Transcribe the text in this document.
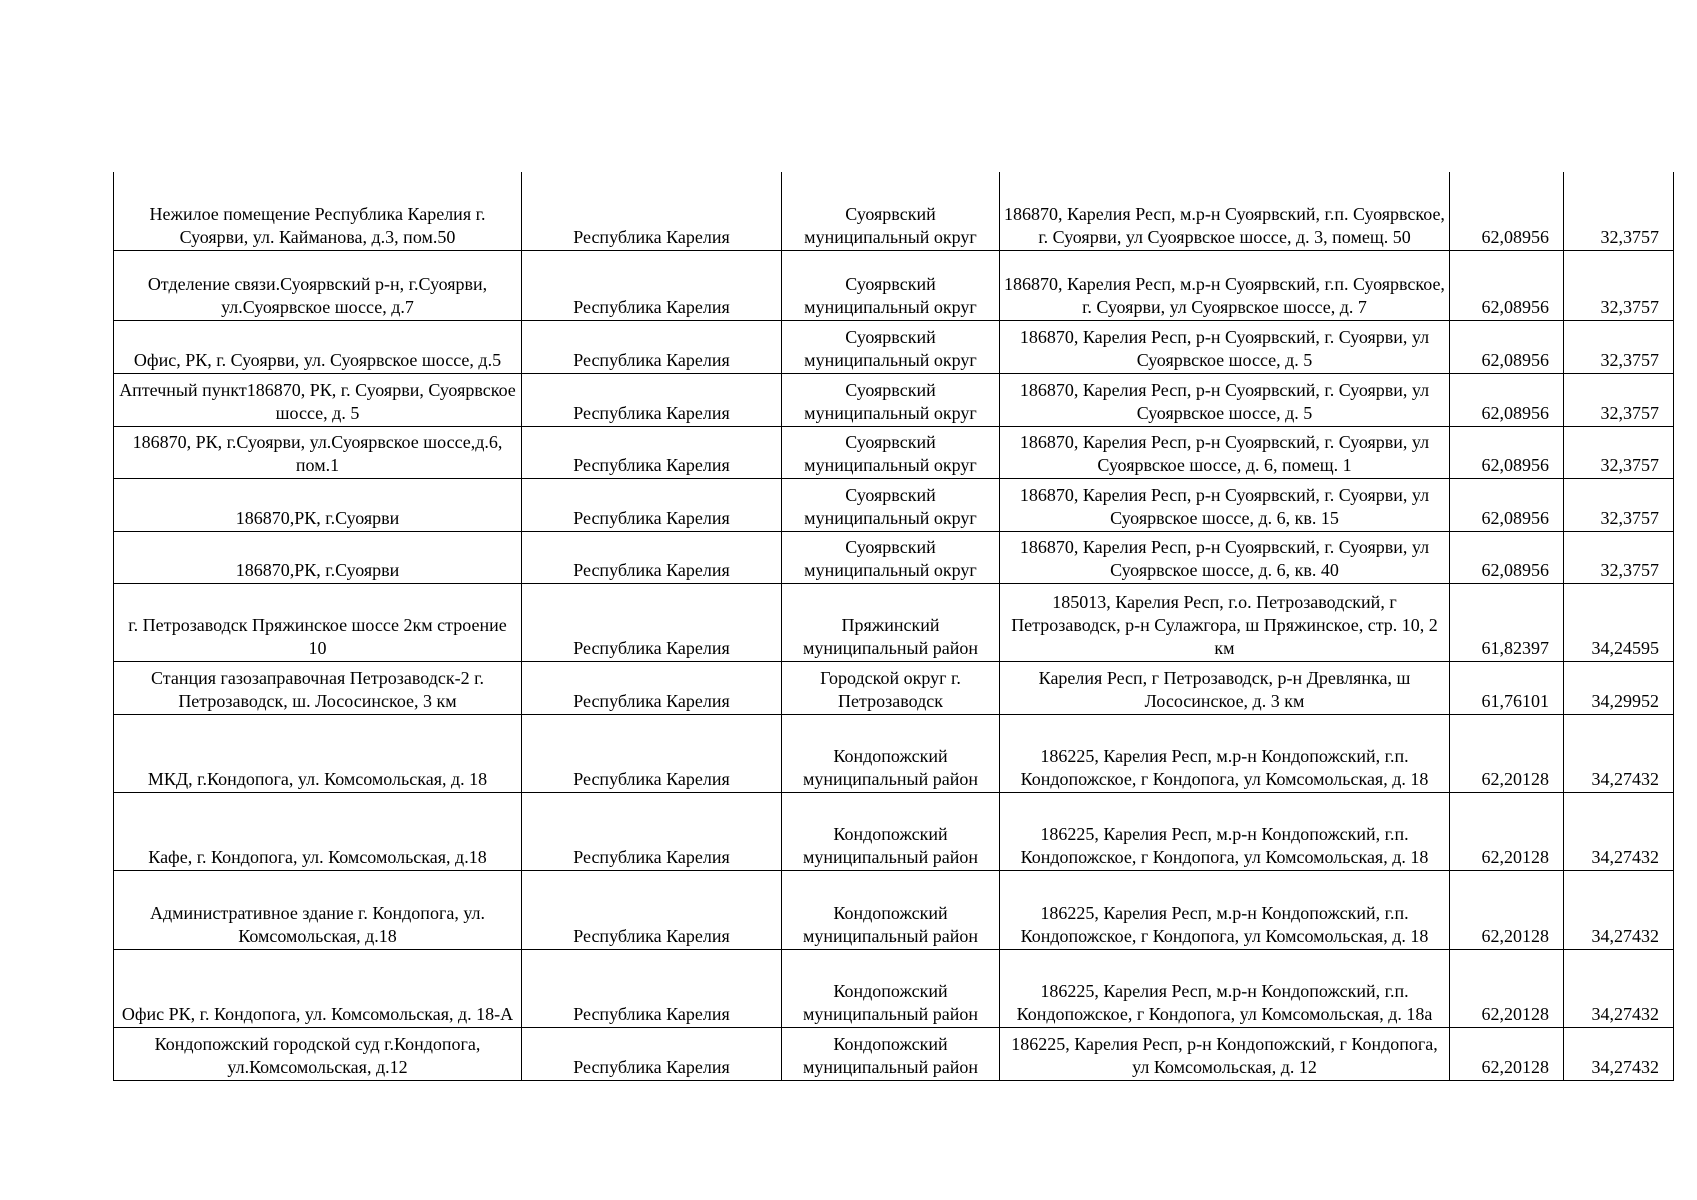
Нежилое помещение Республика Карелия г. Суоярви, ул. Кайманова, д.3, пом.50	Республика Карелия	Суоярвский муниципальный округ	186870, Карелия Респ, м.р-н Суоярвский, г.п. Суоярвское, г. Суоярви, ул Суоярвское шоссе, д. 3, помещ. 50	62,08956	32,3757
Отделение связи.Суоярвский р-н, г.Суоярви, ул.Суоярвское шоссе, д.7	Республика Карелия	Суоярвский муниципальный округ	186870, Карелия Респ, м.р-н Суоярвский, г.п. Суоярвское, г. Суоярви, ул Суоярвское шоссе, д. 7	62,08956	32,3757
Офис, РК, г. Суоярви, ул. Суоярвское шоссе, д.5	Республика Карелия	Суоярвский муниципальный округ	186870, Карелия Респ, р-н Суоярвский, г. Суоярви, ул Суоярвское шоссе, д. 5	62,08956	32,3757
Аптечный пункт186870, РК, г. Суоярви, Суоярвское шоссе, д. 5	Республика Карелия	Суоярвский муниципальный округ	186870, Карелия Респ, р-н Суоярвский, г. Суоярви, ул Суоярвское шоссе, д. 5	62,08956	32,3757
186870, РК, г.Суоярви, ул.Суоярвское шоссе,д.6, пом.1	Республика Карелия	Суоярвский муниципальный округ	186870, Карелия Респ, р-н Суоярвский, г. Суоярви, ул Суоярвское шоссе, д. 6, помещ. 1	62,08956	32,3757
186870,РК, г.Суоярви	Республика Карелия	Суоярвский муниципальный округ	186870, Карелия Респ, р-н Суоярвский, г. Суоярви, ул Суоярвское шоссе, д. 6, кв. 15	62,08956	32,3757
186870,РК, г.Суоярви	Республика Карелия	Суоярвский муниципальный округ	186870, Карелия Респ, р-н Суоярвский, г. Суоярви, ул Суоярвское шоссе, д. 6, кв. 40	62,08956	32,3757
г. Петрозаводск Пряжинское шоссе 2км строение 10	Республика Карелия	Пряжинский муниципальный район	185013, Карелия Респ, г.о. Петрозаводский, г Петрозаводск, р-н Сулажгора, ш Пряжинское, стр. 10, 2 км	61,82397	34,24595
Станция газозаправочная Петрозаводск-2 г. Петрозаводск, ш. Лососинское, 3 км	Республика Карелия	Городской округ г. Петрозаводск	Карелия Респ, г Петрозаводск, р-н Древлянка, ш Лососинское, д. 3 км	61,76101	34,29952
МКД, г.Кондопога, ул. Комсомольская, д. 18	Республика Карелия	Кондопожский муниципальный район	186225, Карелия Респ, м.р-н Кондопожский, г.п. Кондопожское, г Кондопога, ул Комсомольская, д. 18	62,20128	34,27432
Кафе, г. Кондопога, ул. Комсомольская, д.18	Республика Карелия	Кондопожский муниципальный район	186225, Карелия Респ, м.р-н Кондопожский, г.п. Кондопожское, г Кондопога, ул Комсомольская, д. 18	62,20128	34,27432
Административное здание г. Кондопога, ул. Комсомольская, д.18	Республика Карелия	Кондопожский муниципальный район	186225, Карелия Респ, м.р-н Кондопожский, г.п. Кондопожское, г Кондопога, ул Комсомольская, д. 18	62,20128	34,27432
Офис РК, г. Кондопога, ул. Комсомольская, д. 18-А	Республика Карелия	Кондопожский муниципальный район	186225, Карелия Респ, м.р-н Кондопожский, г.п. Кондопожское, г Кондопога, ул Комсомольская, д. 18а	62,20128	34,27432
Кондопожский городской суд г.Кондопога, ул.Комсомольская, д.12	Республика Карелия	Кондопожский муниципальный район	186225, Карелия Респ, р-н Кондопожский, г Кондопога, ул Комсомольская, д. 12	62,20128	34,27432
